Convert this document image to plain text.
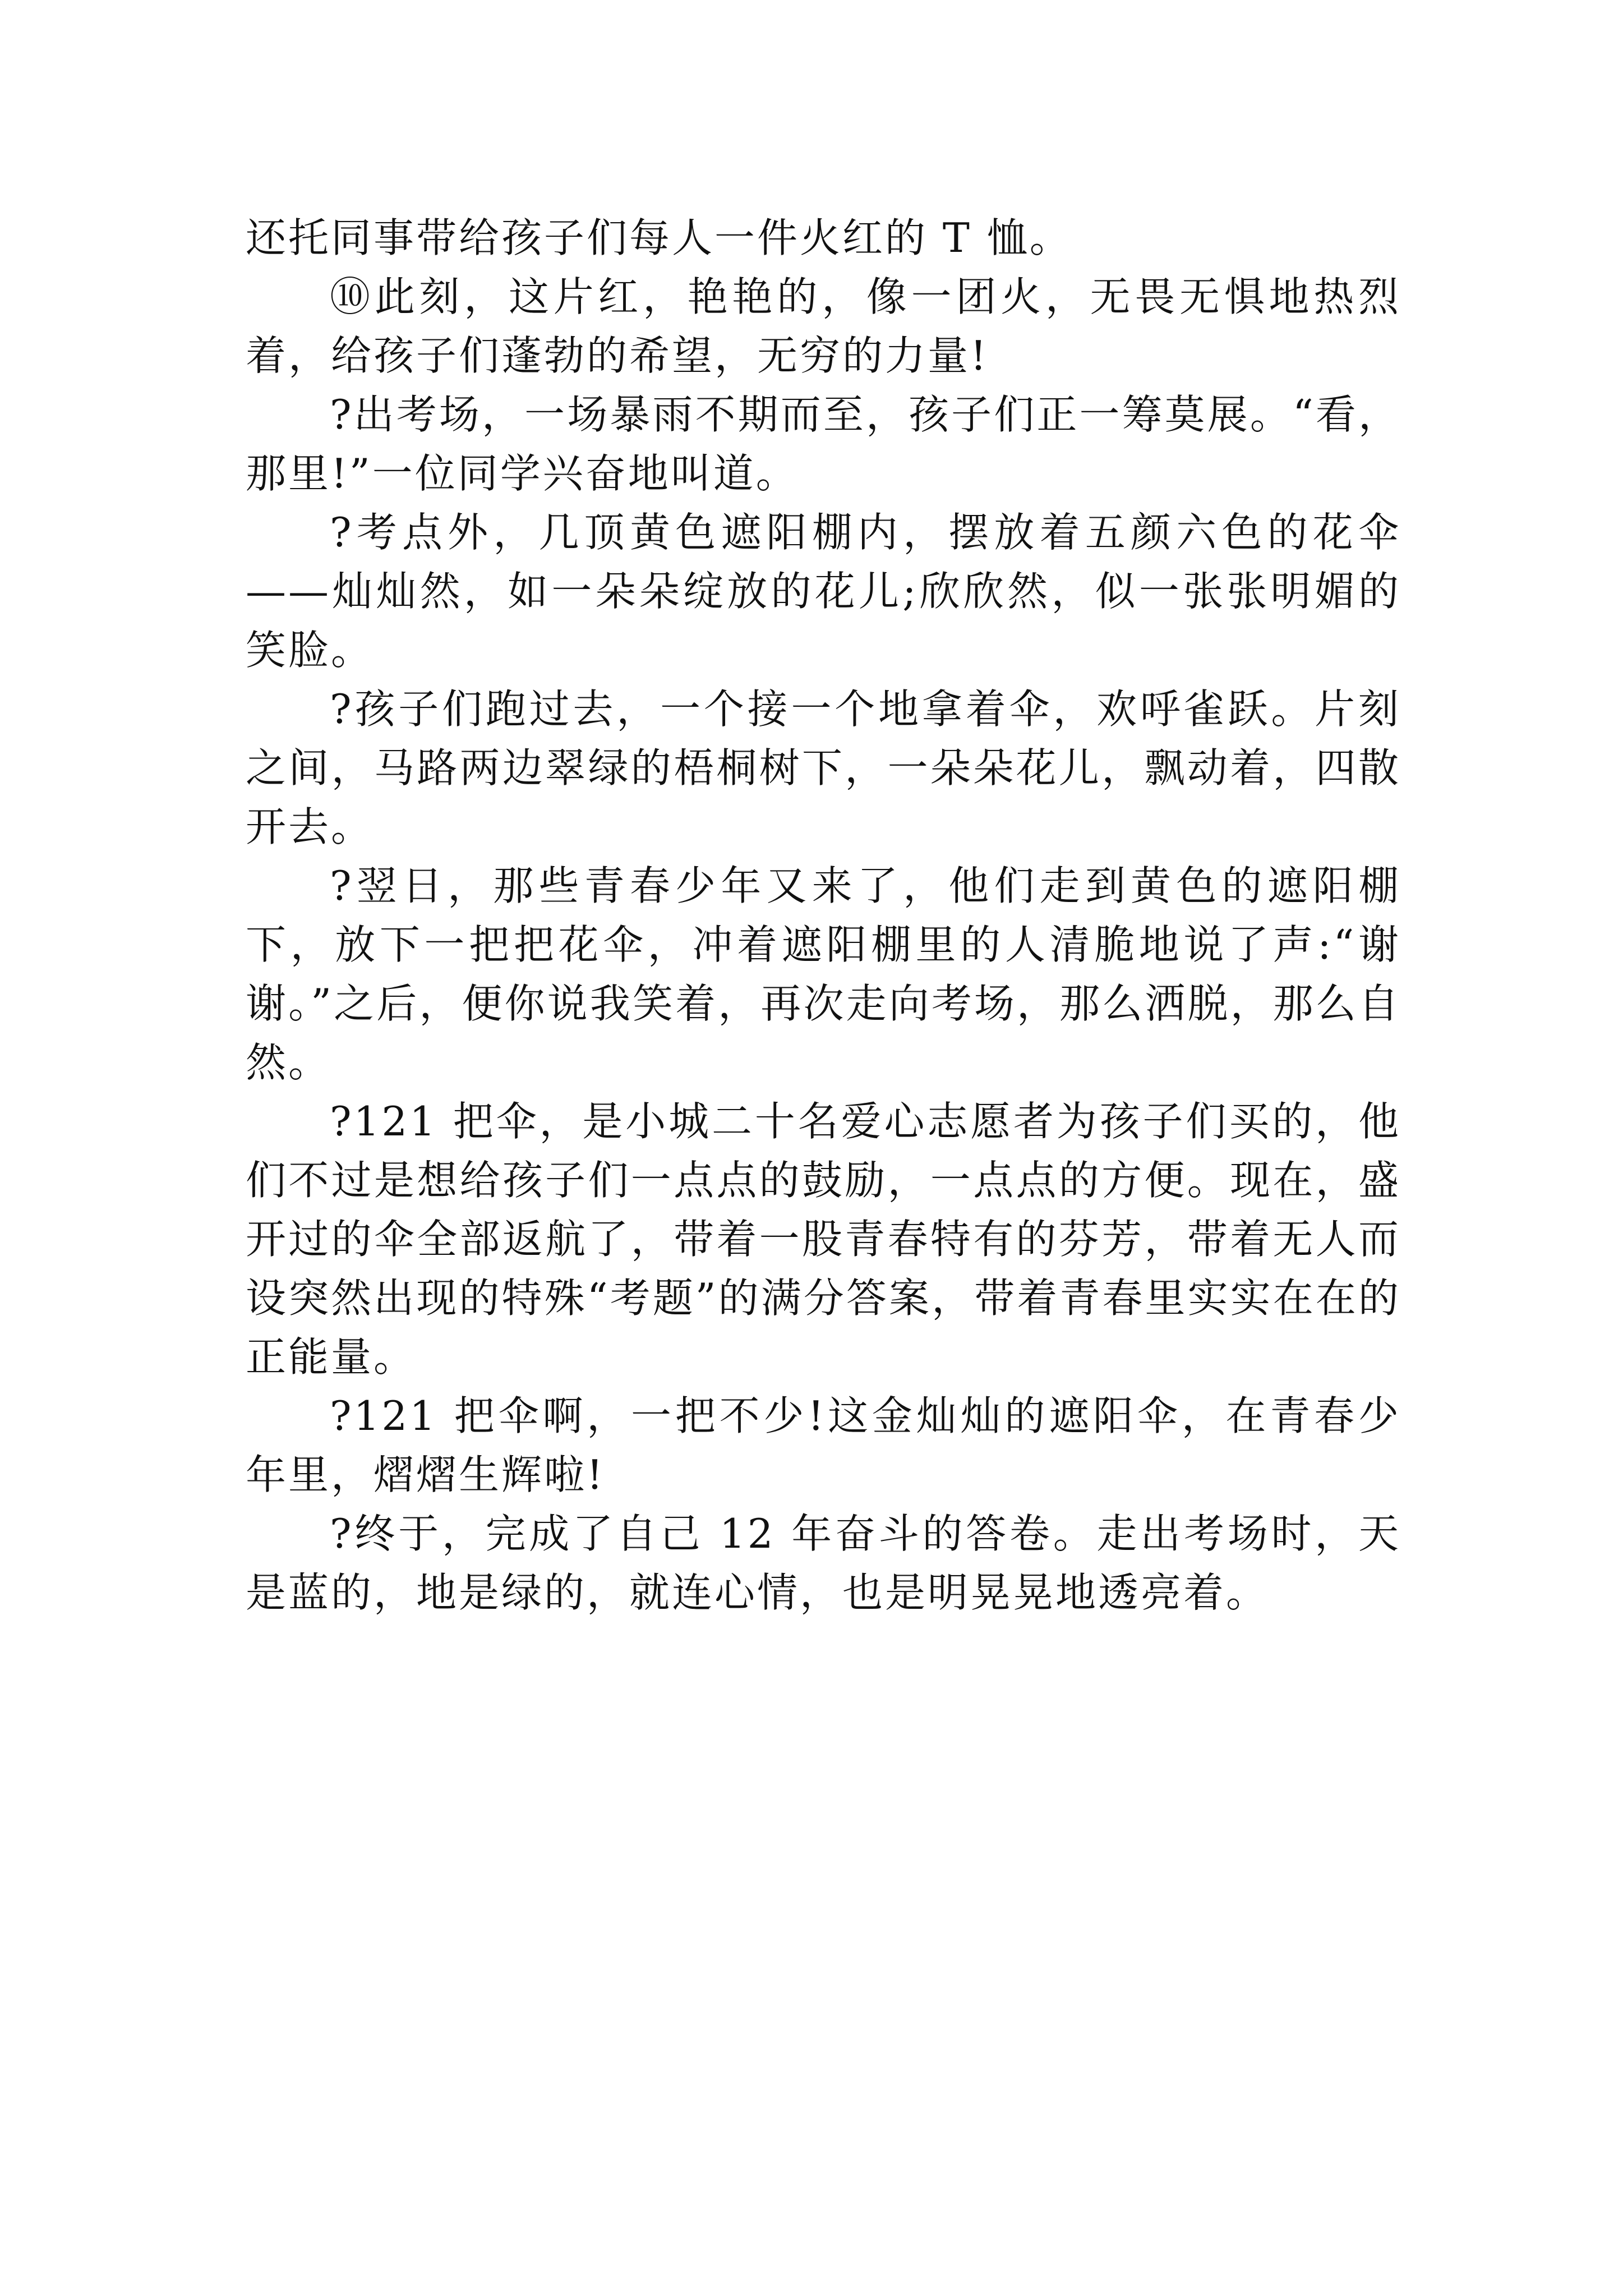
还托同事带给孩子们每人一件火红的 T 恤。

⑩此刻，这片红，艳艳的，像一团火，无畏无惧地热烈着，给孩子们蓬勃的希望，无穷的力量!

?出考场，一场暴雨不期而至，孩子们正一筹莫展。“看，那里!”一位同学兴奋地叫道。

?考点外，几顶黄色遮阳棚内，摆放着五颜六色的花伞——灿灿然，如一朵朵绽放的花儿;欣欣然，似一张张明媚的笑脸。

?孩子们跑过去，一个接一个地拿着伞，欢呼雀跃。片刻之间，马路两边翠绿的梧桐树下，一朵朵花儿，飘动着，四散开去。

?翌日，那些青春少年又来了，他们走到黄色的遮阳棚下，放下一把把花伞，冲着遮阳棚里的人清脆地说了声:“谢谢。”之后，便你说我笑着，再次走向考场，那么洒脱，那么自然。

?121 把伞，是小城二十名爱心志愿者为孩子们买的，他们不过是想给孩子们一点点的鼓励，一点点的方便。现在，盛开过的伞全部返航了，带着一股青春特有的芬芳，带着无人而设突然出现的特殊“考题”的满分答案，带着青春里实实在在的正能量。

?121 把伞啊，一把不少!这金灿灿的遮阳伞，在青春少年里，熠熠生辉啦!

?终于，完成了自己 12 年奋斗的答卷。走出考场时，天是蓝的，地是绿的，就连心情，也是明晃晃地透亮着。
